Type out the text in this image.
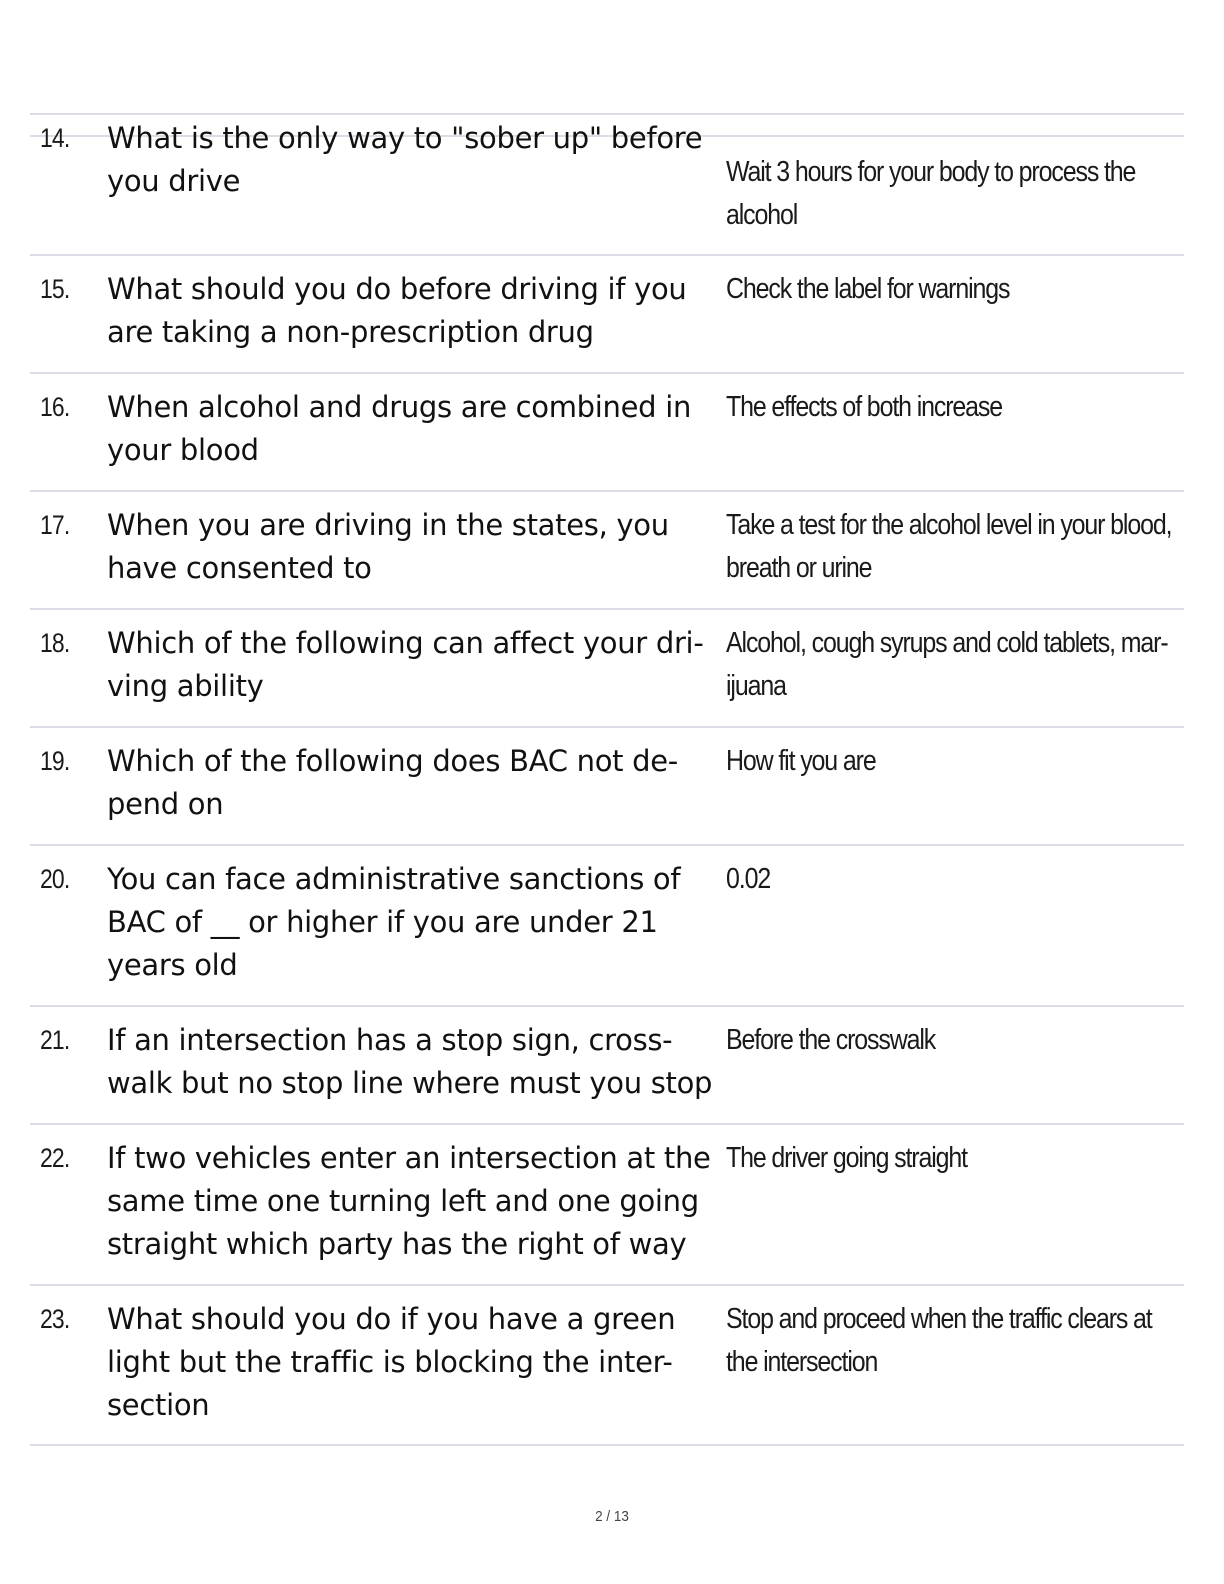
14. What is the only way to "sober up" before
you drive	Wait 3 hours for your body to process the
alcohol
15. What should you do before driving if you
are taking a non-prescription drug
Check the label for warnings
16. When alcohol and drugs are combined in
your blood
The effects of both increase
17. When you are driving in the states, you
have consented to
Take a test for the alcohol level in your blood,
breath or urine
18. Which of the following can affect your dri-
ving ability
Alcohol, cough syrups and cold tablets, mar-
ijuana
19. Which of the following does BAC not de-
pend on
How fit you are
20. You can face administrative sanctions of
BAC of __ or higher if you are under 21
years old
0.02
21. If an intersection has a stop sign, cross-
walk but no stop line where must you stop
Before the crosswalk
22. If two vehicles enter an intersection at the
same time one turning left and one going
straight which party has the right of way
The driver going straight
23. What should you do if you have a green
light but the traffic is blocking the inter-
section
Stop and proceed when the traffic clears at
the intersection
2 / 13
